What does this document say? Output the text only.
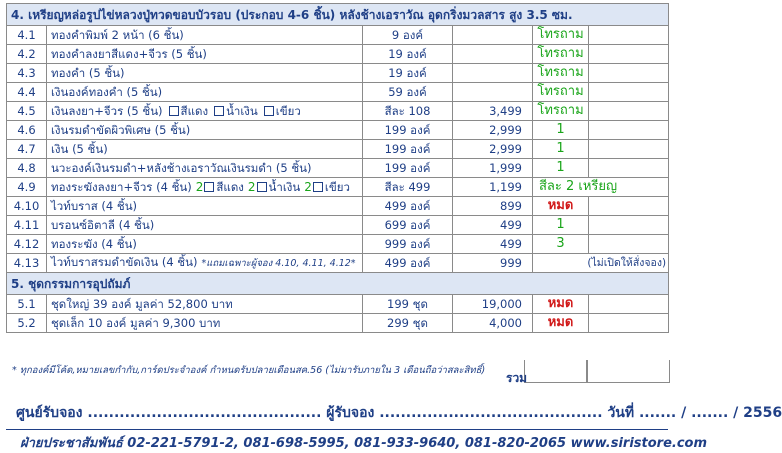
4. เหรียญหล่อรูปไข่หลวงปู่ทวดขอบบัวรอบ (ประกอบ 4-6 ชิ้น) หลังช้างเอราวัณ อุดกริ่งมวลสาร สูง 3.5 ซม.					
4.1	ทองคำพิมพ์ 2 หน้า (6 ชิ้น)	9 องค์		โทรถาม	
4.2	ทองคำลงยาสีแดง+จีวร (5 ชิ้น)	19 องค์		โทรถาม	
4.3	ทองคำ (5 ชิ้น)	19 องค์		โทรถาม	
4.4	เงินองค์ทองคำ (5 ชิ้น)	59 องค์		โทรถาม	
4.5	เงินลงยา+จีวร (5 ชิ้น) สีแดง น้ำเงิน เขียว	สีละ 108	3,499	โทรถาม	
4.6	เงินรมดำขัดผิวพิเศษ (5 ชิ้น)	199 องค์	2,999	1	
4.7	เงิน (5 ชิ้น)	199 องค์	2,999	1	
4.8	นวะองค์เงินรมดำ+หลังช้างเอราวัณเงินรมดำ (5 ชิ้น)	199 องค์	1,999	1	
4.9	ทองระฆังลงยา+จีวร (4 ชิ้น) 2 สีแดง 2 น้ำเงิน 2 เขียว	สีละ 499	1,199	สีละ 2 เหรียญ	
4.10	ไวท์บราส (4 ชิ้น)	499 องค์	899	หมด	
4.11	บรอนซ์อิตาลี (4 ชิ้น)	699 องค์	499	1	
4.12	ทองระฆัง (4 ชิ้น)	999 องค์	499	3	
4.13	ไวท์บราสรมดำขัดเงิน (4 ชิ้น) *แถมเฉพาะผู้จอง 4.10, 4.11, 4.12*	499 องค์	999	(ไม่เปิดให้สั่งจอง)	
5. ชุดกรรมการอุปถัมภ์					
5.1	ชุดใหญ่ 39 องค์ มูลค่า 52,800 บาท	199 ชุด	19,000	หมด	
5.2	ชุดเล็ก 10 องค์ มูลค่า 9,300 บาท	299 ชุด	4,000	หมด	
* ทุกองค์มีโค้ด,หมายเลขกำกับ,การ์ดประจำองค์ กำหนดรับปลายเดือนสค.56 (ไม่มารับภายใน 3 เดือนถือว่าสละสิทธิ์)
รวม
ศูนย์รับจอง ............................................ ผู้รับจอง .......................................... วันที่ ....... / ....... / 2556
ฝ่ายประชาสัมพันธ์ 02-221-5791-2, 081-698-5995, 081-933-9640, 081-820-2065 www.siristore.com
